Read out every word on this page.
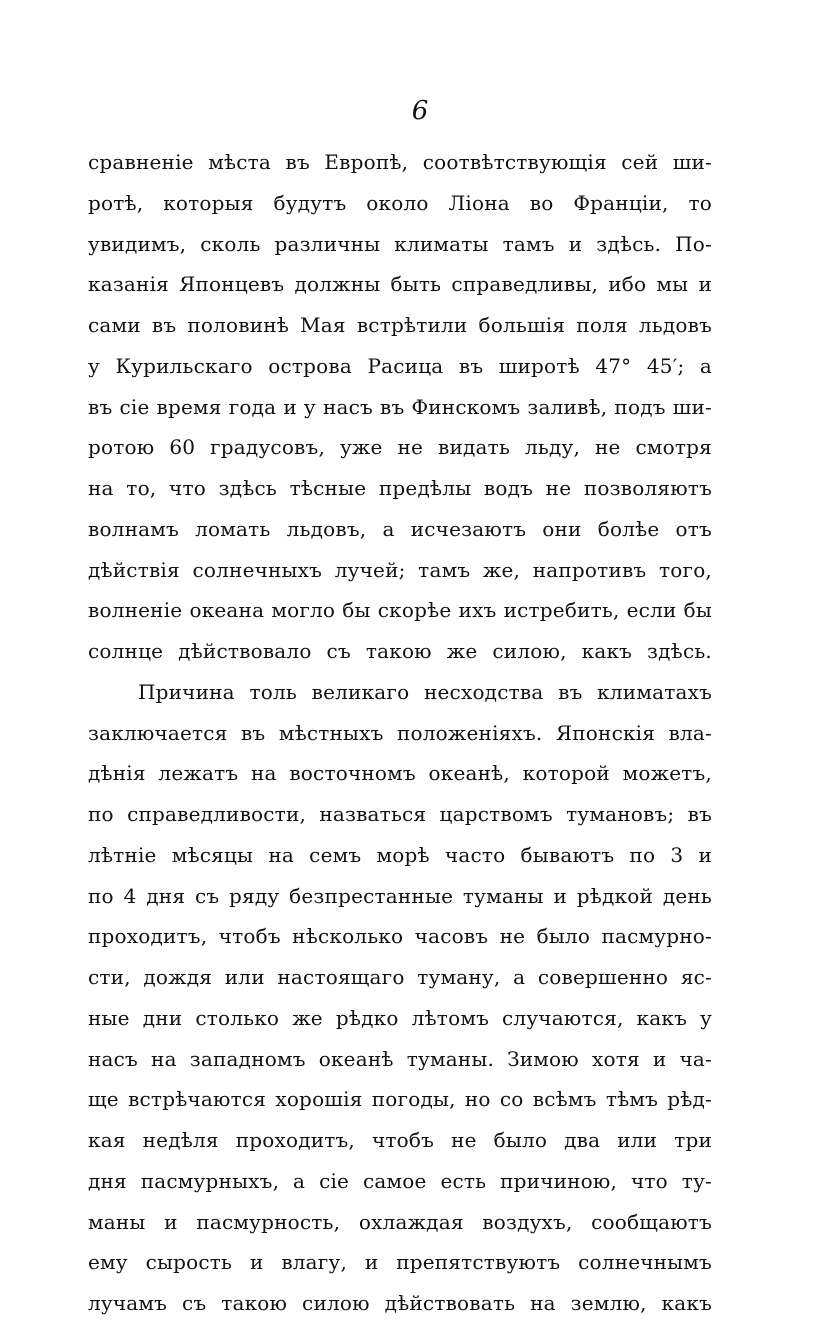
6
сравненіе мѣста въ Европѣ, соотвѣтствующія сей ши-
ротѣ, которыя будутъ около Ліона во Франціи, то
увидимъ, сколь различны климаты тамъ и здѣсь. По-
казанія Японцевъ должны быть справедливы, ибо мы и
сами въ половинѣ Мая встрѣтили большія поля льдовъ
у Курильскаго острова Расица въ широтѣ 47° 45′; а
въ сіе время года и у насъ въ Финскомъ заливѣ, подъ ши-
ротою 60 градусовъ, уже не видать льду, не смотря
на то, что здѣсь тѣсные предѣлы водъ не позволяютъ
волнамъ ломать льдовъ, а исчезаютъ они болѣе отъ
дѣйствія солнечныхъ лучей; тамъ же, напротивъ того,
волненіе океана могло бы скорѣе ихъ истребить, если бы
солнце дѣйствовало съ такою же силою, какъ здѣсь.
Причина толь великаго несходства въ климатахъ
заключается въ мѣстныхъ положеніяхъ. Японскія вла-
дѣнія лежатъ на восточномъ океанѣ, которой можетъ,
по справедливости, назваться царствомъ тумановъ; въ
лѣтніе мѣсяцы на семъ морѣ часто бываютъ по 3 и
по 4 дня съ ряду безпрестанные туманы и рѣдкой день
проходитъ, чтобъ нѣсколько часовъ не было пасмурно-
сти, дождя или настоящаго туману, а совершенно яс-
ные дни столько же рѣдко лѣтомъ случаются, какъ у
насъ на западномъ океанѣ туманы. Зимою хотя и ча-
ще встрѣчаются хорошія погоды, но со всѣмъ тѣмъ рѣд-
кая недѣля проходитъ, чтобъ не было два или три
дня пасмурныхъ, а сіе самое есть причиною, что ту-
маны и пасмурность, охлаждая воздухъ, сообщаютъ
ему сырость и влагу, и препятствуютъ солнечнымъ
лучамъ съ такою силою дѣйствовать на землю, какъ
